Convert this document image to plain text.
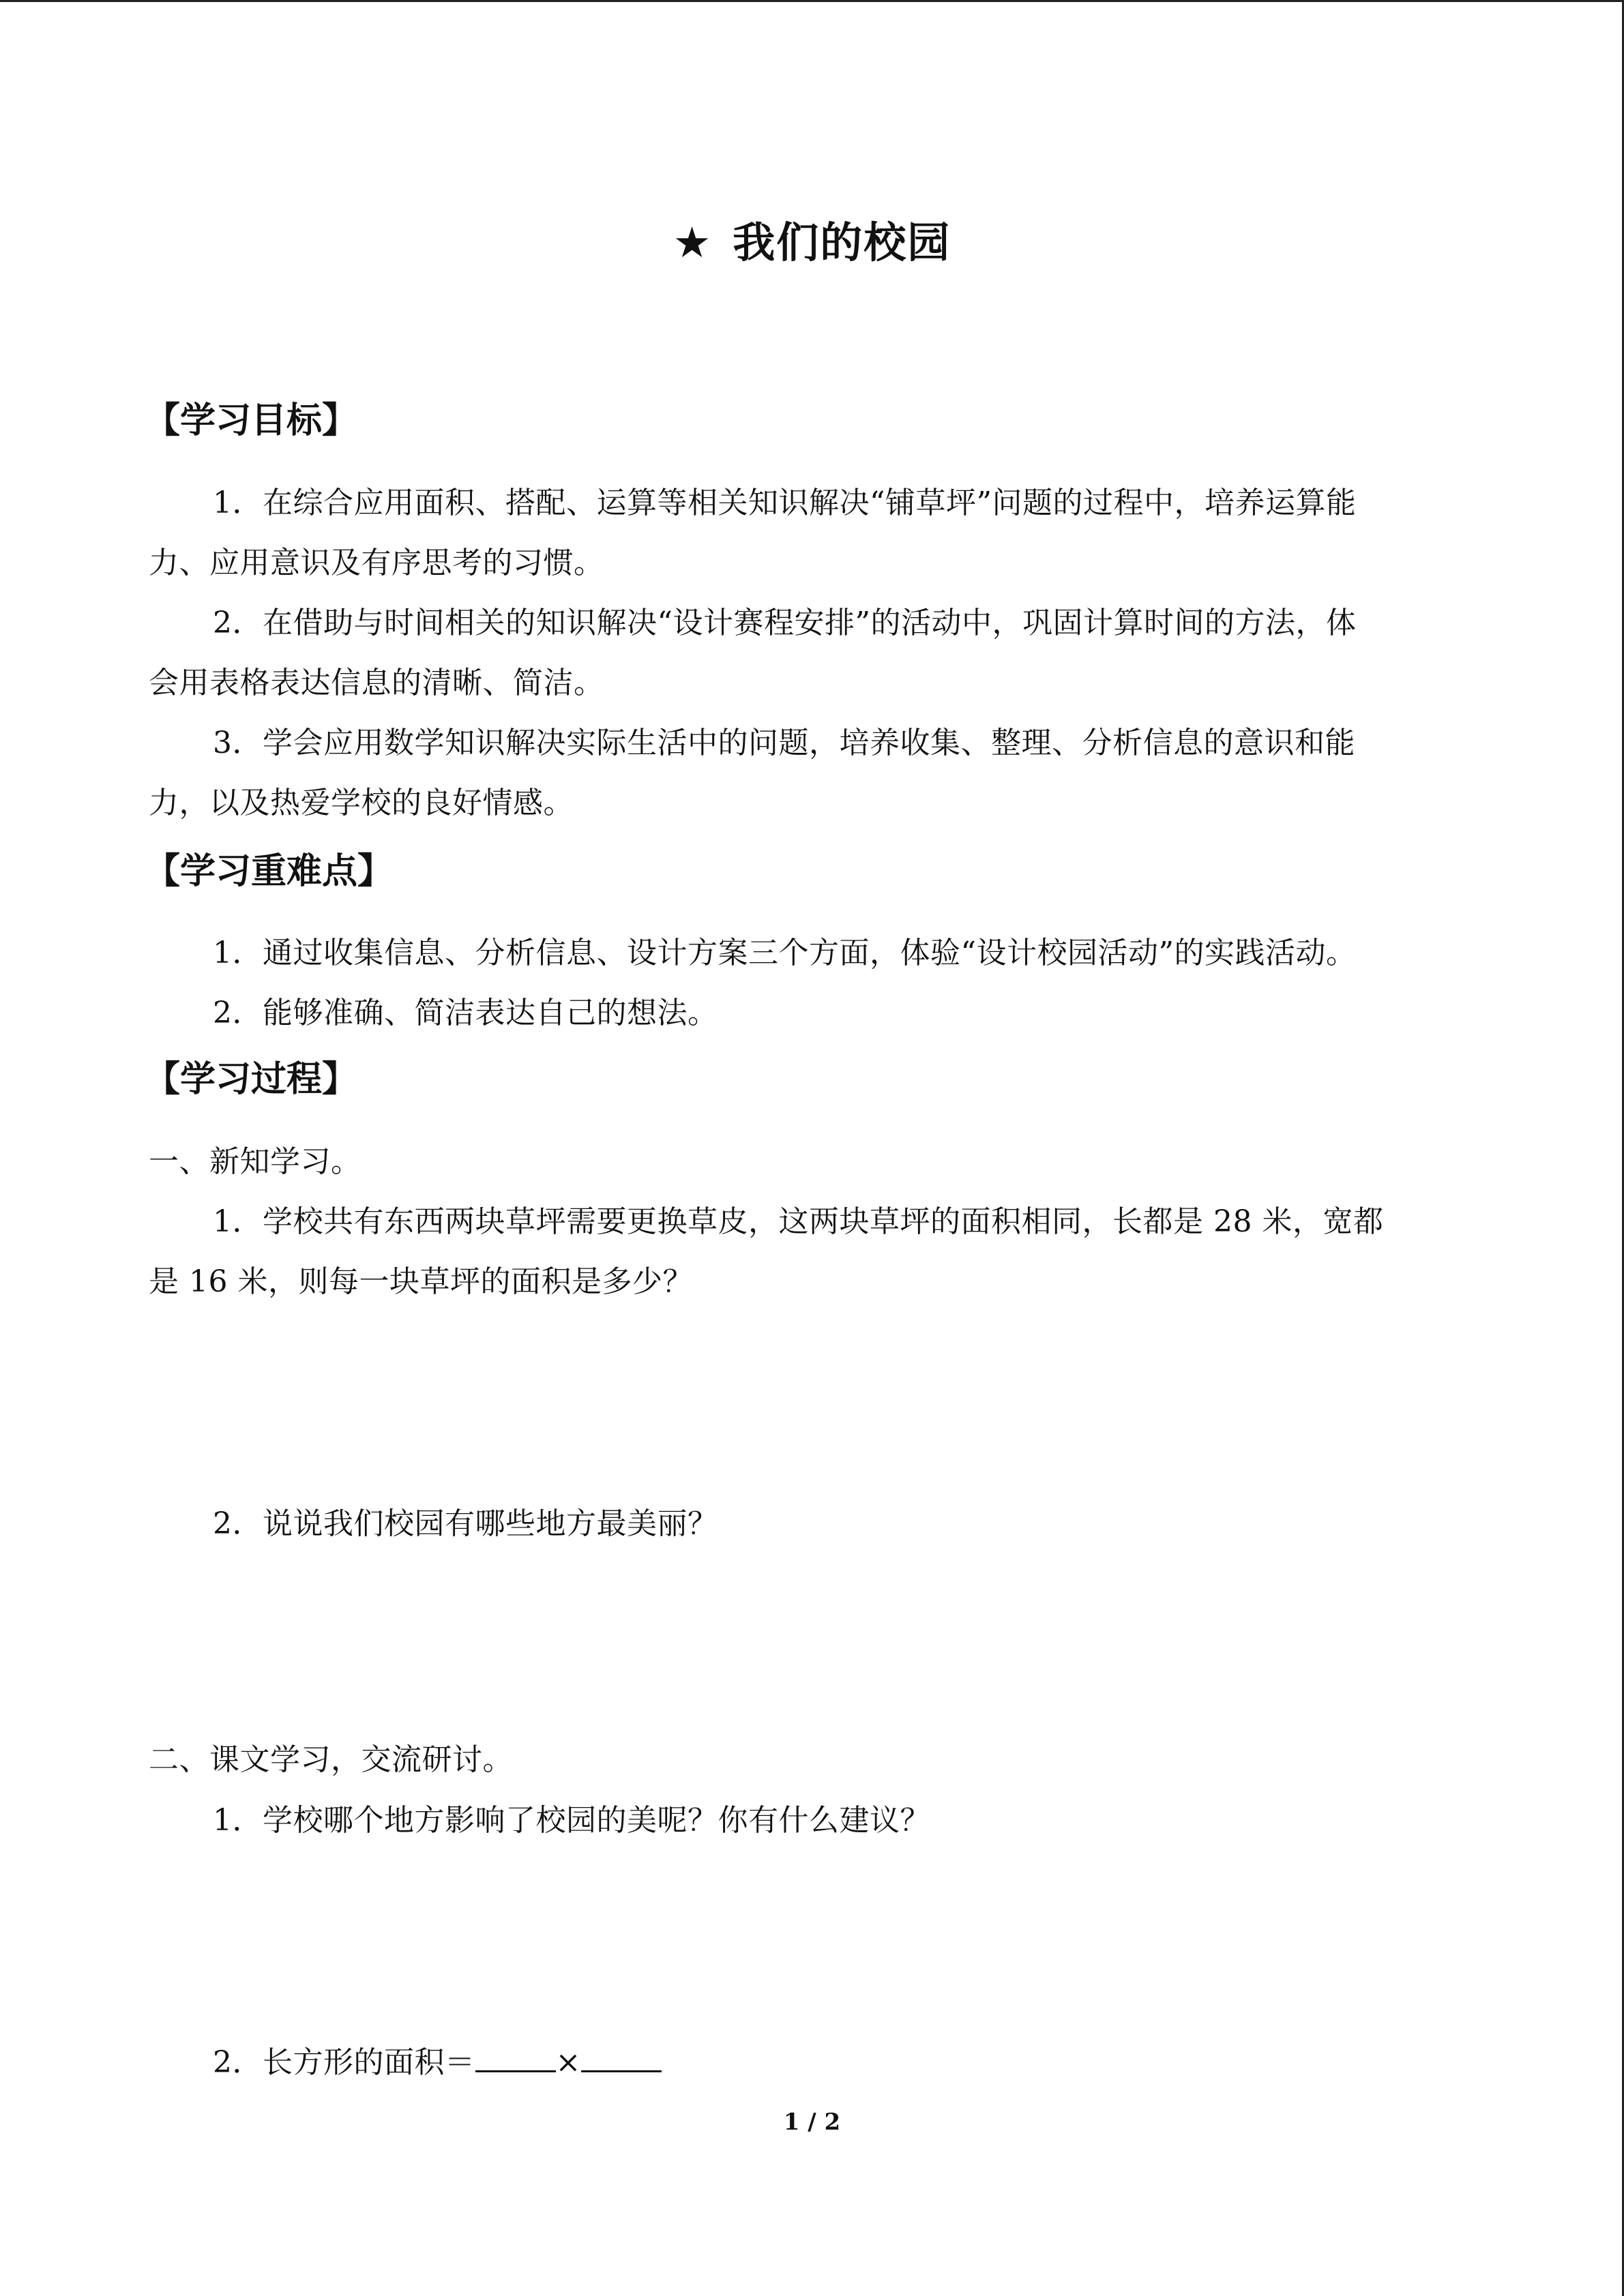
★ 我们的校园
【学习目标】
1．在综合应用面积、搭配、运算等相关知识解决“铺草坪”问题的过程中，培养运算能
力、应用意识及有序思考的习惯。
2．在借助与时间相关的知识解决“设计赛程安排”的活动中，巩固计算时间的方法，体
会用表格表达信息的清晰、简洁。
3．学会应用数学知识解决实际生活中的问题，培养收集、整理、分析信息的意识和能
力，以及热爱学校的良好情感。
【学习重难点】
1．通过收集信息、分析信息、设计方案三个方面，体验“设计校园活动”的实践活动。
2．能够准确、简洁表达自己的想法。
【学习过程】
一、新知学习。
1．学校共有东西两块草坪需要更换草皮，这两块草坪的面积相同，长都是 28 米，宽都
是 16 米，则每一块草坪的面积是多少？
2．说说我们校园有哪些地方最美丽？
二、课文学习，交流研讨。
1．学校哪个地方影响了校园的美呢？你有什么建议？
2．长方形的面积＝	×
1 / 2
